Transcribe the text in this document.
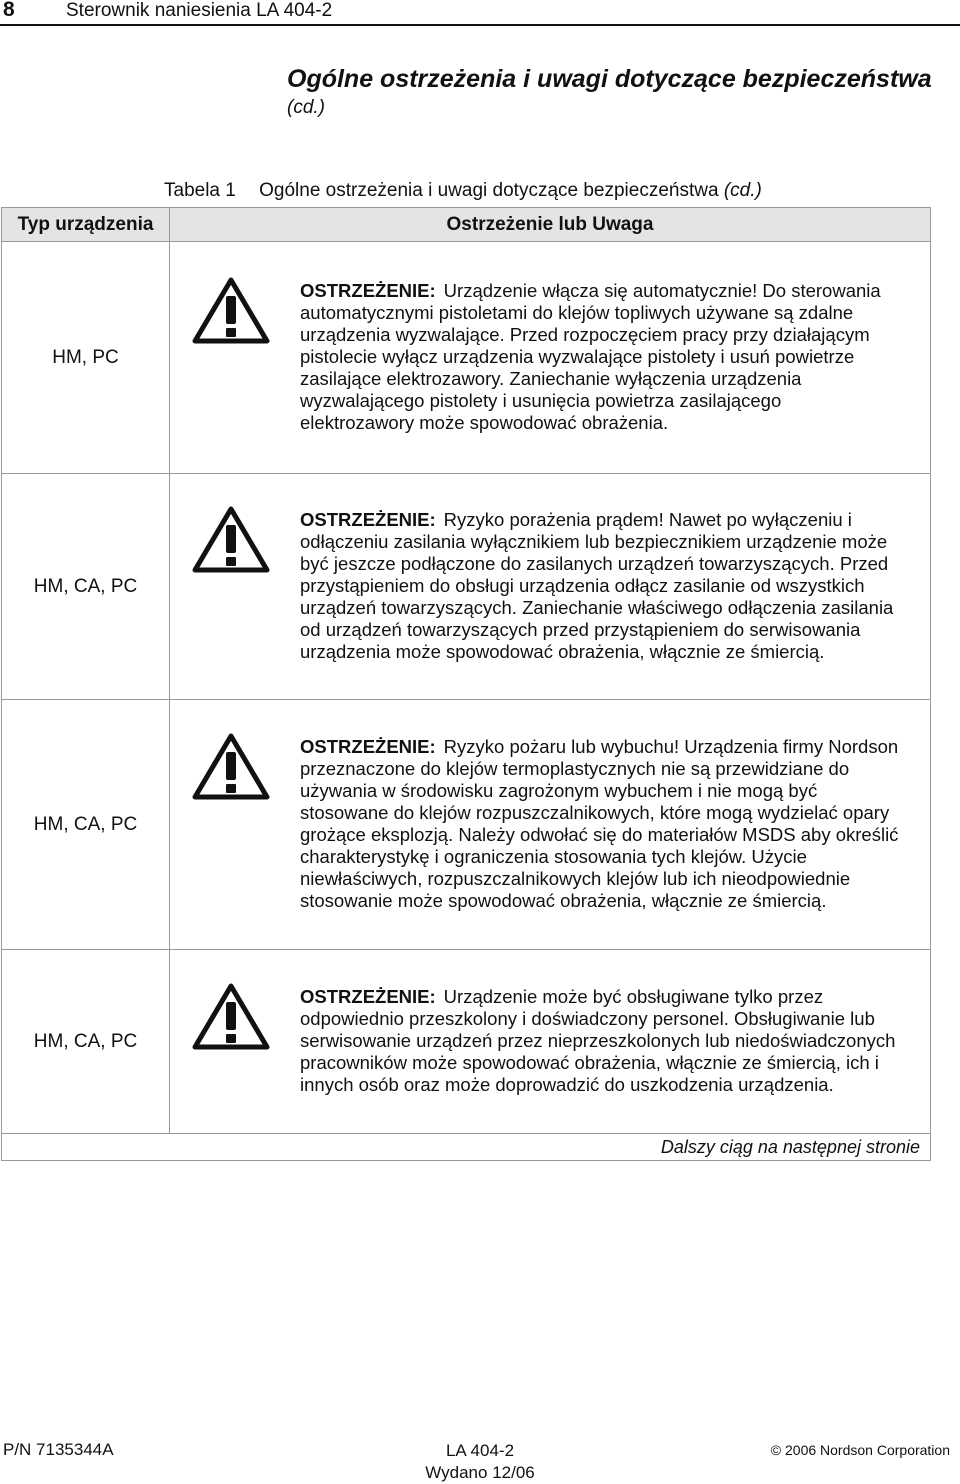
8	Sterownik naniesienia LA 404-2
Ogólne ostrzeżenia i uwagi dotyczące bezpieczeństwa
(cd.)
Tabela 1 Ogólne ostrzeżenia i uwagi dotyczące bezpieczeństwa (cd.)
Typ urządzenia	Ostrzeżenie lub Uwaga
HM, PC	OSTRZEŻENIE: Urządzenie włącza się automatycznie! Do sterowania automatycznymi pistoletami do klejów topliwych używane są zdalne urządzenia wyzwalające. Przed rozpoczęciem pracy przy działającym pistolecie wyłącz urządzenia wyzwalające pistolety i usuń powietrze zasilające elektrozawory. Zaniechanie wyłączenia urządzenia wyzwalającego pistolety i usunięcia powietrza zasilającego elektrozawory może spowodować obrażenia.

HM, CA, PC	OSTRZEŻENIE: Ryzyko porażenia prądem! Nawet po wyłączeniu i odłączeniu zasilania wyłącznikiem lub bezpiecznikiem urządzenie może być jeszcze podłączone do zasilanych urządzeń towarzyszących. Przed przystąpieniem do obsługi urządzenia odłącz zasilanie od wszystkich urządzeń towarzyszących. Zaniechanie właściwego odłączenia zasilania od urządzeń towarzyszących przed przystąpieniem do serwisowania urządzenia może spowodować obrażenia, włącznie ze śmiercią.

HM, CA, PC	OSTRZEŻENIE: Ryzyko pożaru lub wybuchu! Urządzenia firmy Nordson przeznaczone do klejów termoplastycznych nie są przewidziane do używania w środowisku zagrożonym wybuchem i nie mogą być stosowane do klejów rozpuszczalnikowych, które mogą wydzielać opary grożące eksplozją. Należy odwołać się do materiałów MSDS aby określić charakterystykę i ograniczenia stosowania tych klejów. Użycie niewłaściwych, rozpuszczalnikowych klejów lub ich nieodpowiednie stosowanie może spowodować obrażenia, włącznie ze śmiercią.

HM, CA, PC	OSTRZEŻENIE: Urządzenie może być obsługiwane tylko przez odpowiednio przeszkolony i doświadczony personel. Obsługiwanie lub serwisowanie urządzeń przez nieprzeszkolonych lub niedoświadczonych pracowników może spowodować obrażenia, włącznie ze śmiercią, ich i innych osób oraz może doprowadzić do uszkodzenia urządzenia.

Dalszy ciąg na następnej stronie	
P/N 7135344A	LA 404-2
Wydano 12/06
© 2006 Nordson Corporation
